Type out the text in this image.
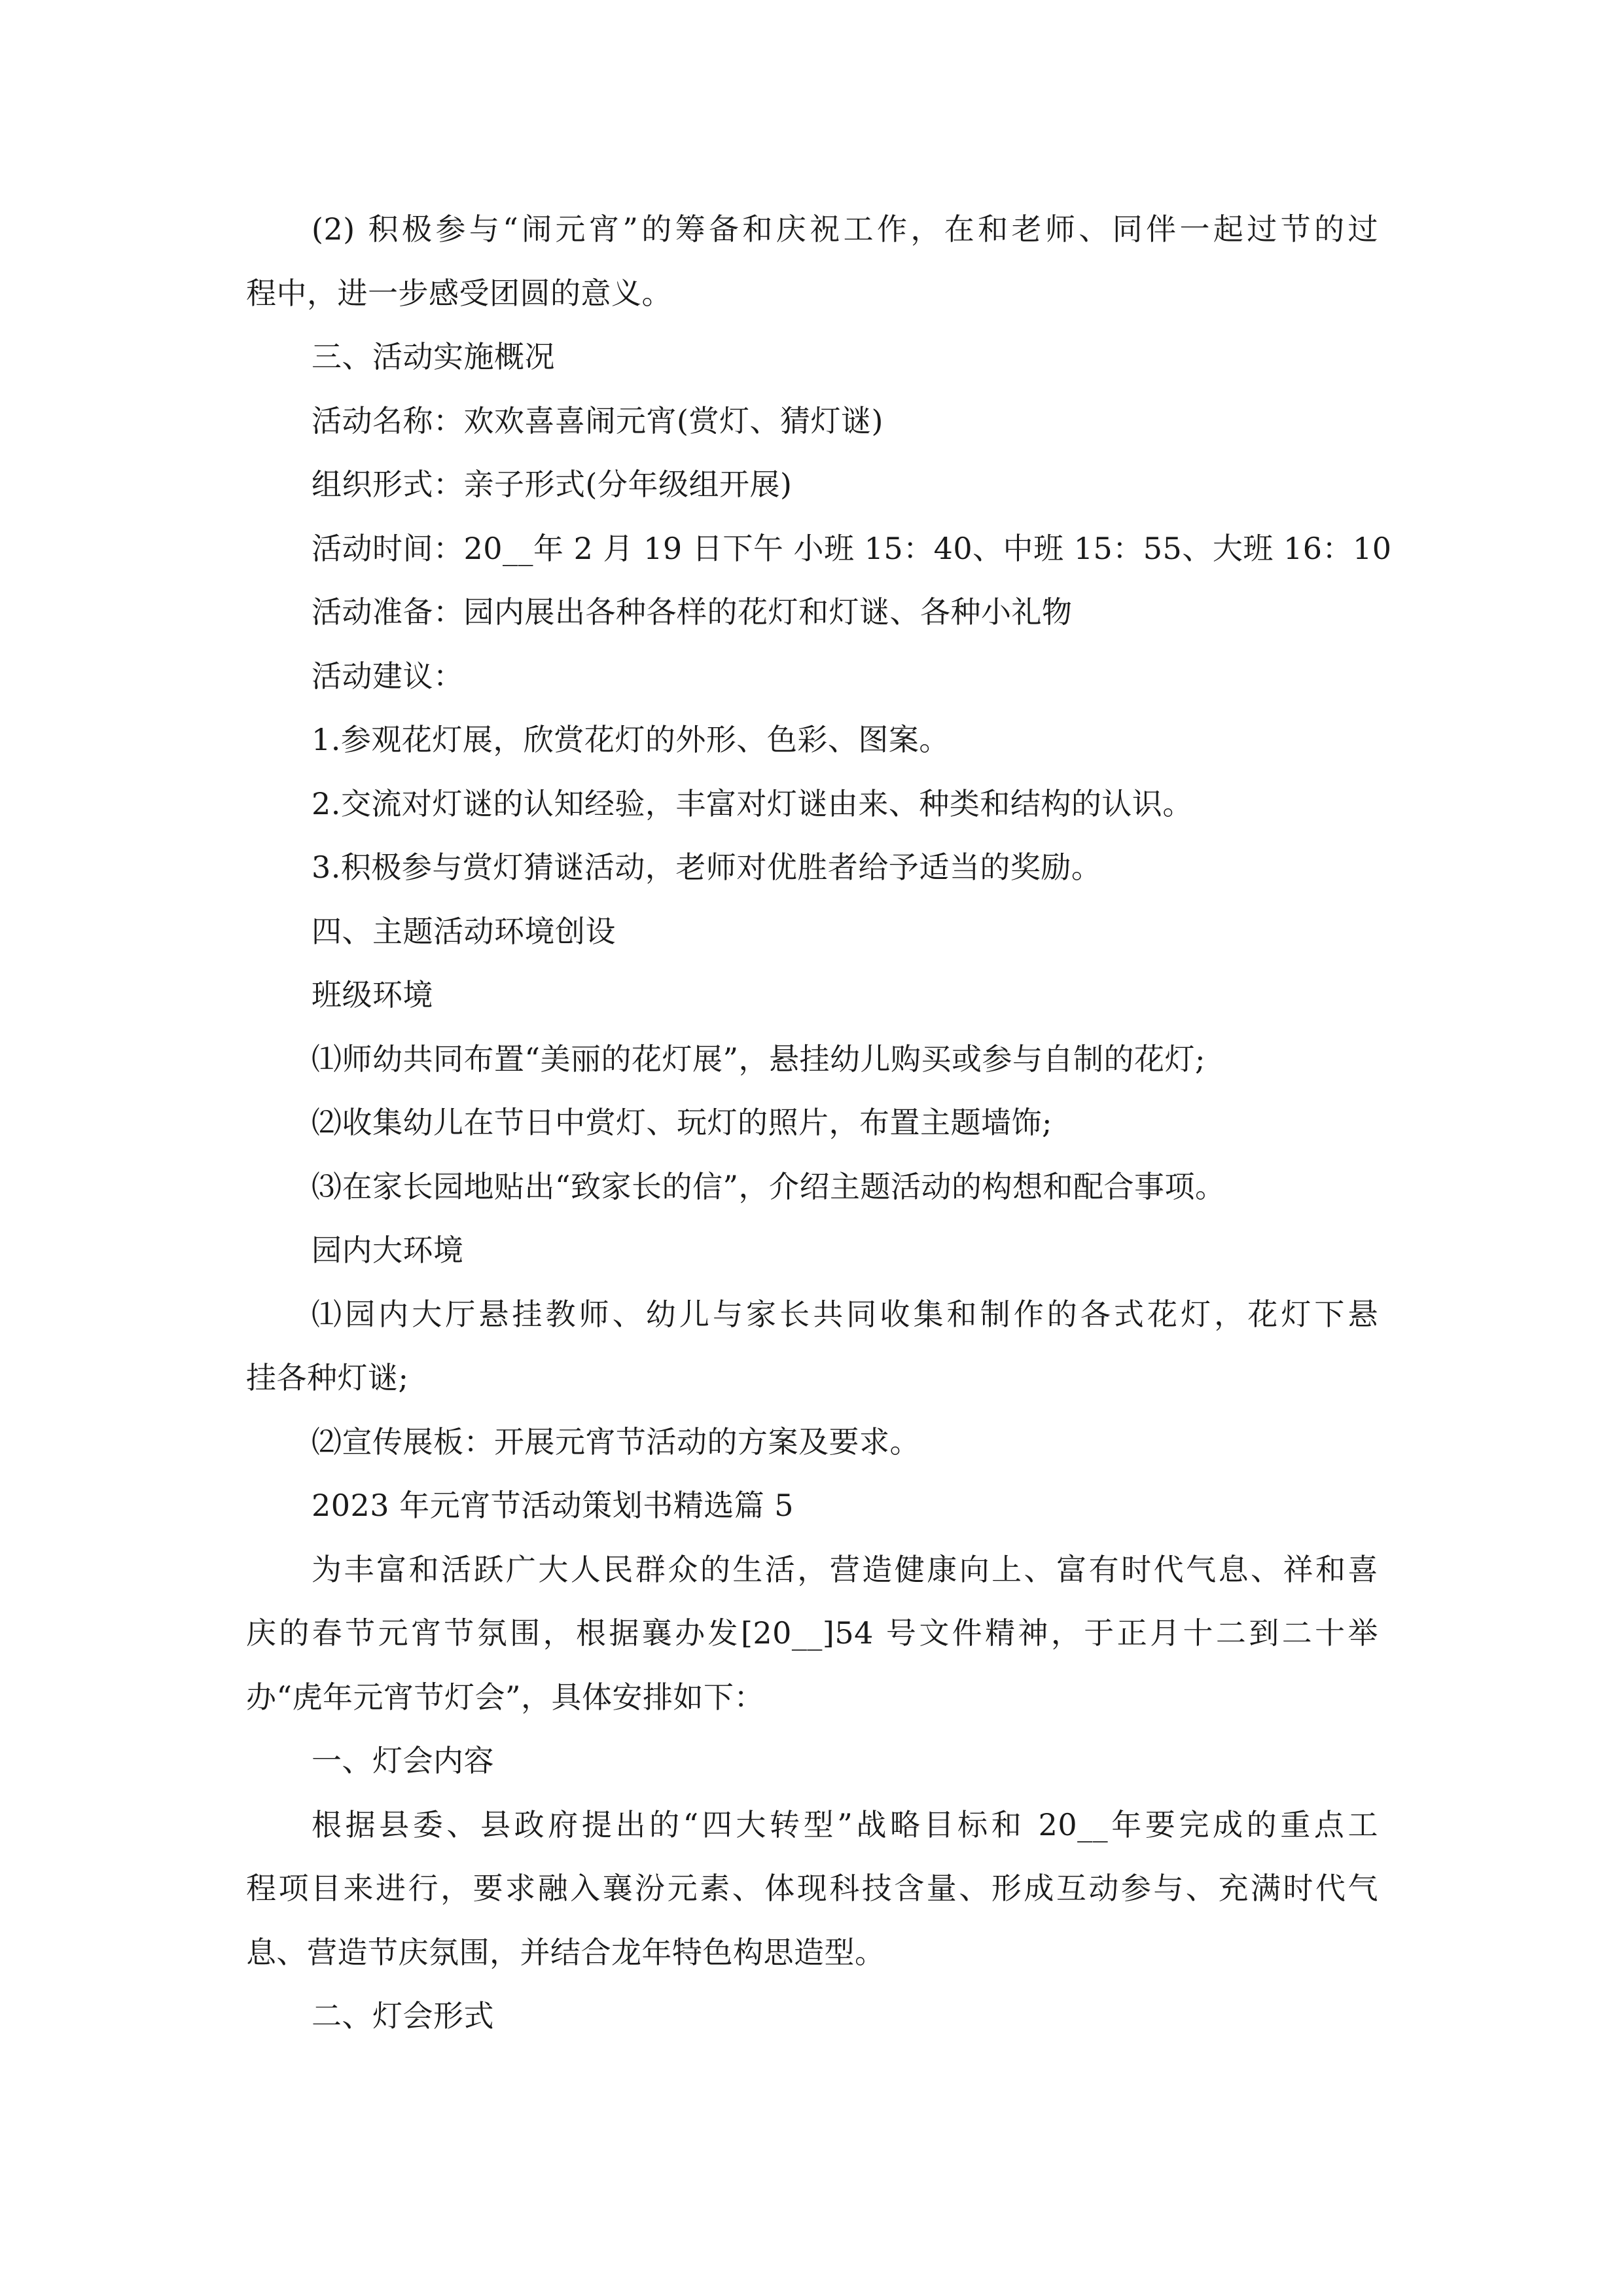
(2) 积极参与“闹元宵”的筹备和庆祝工作，在和老师、同伴一起过节的过
程中，进一步感受团圆的意义。
三、活动实施概况
活动名称：欢欢喜喜闹元宵(赏灯、猜灯谜)
组织形式：亲子形式(分年级组开展)
活动时间：20__年 2 月 19 日下午 小班 15：40、中班 15：55、大班 16：10
活动准备：园内展出各种各样的花灯和灯谜、各种小礼物
活动建议：
1.参观花灯展，欣赏花灯的外形、色彩、图案。
2.交流对灯谜的认知经验，丰富对灯谜由来、种类和结构的认识。
3.积极参与赏灯猜谜活动，老师对优胜者给予适当的奖励。
四、主题活动环境创设
班级环境
⑴师幼共同布置“美丽的花灯展”，悬挂幼儿购买或参与自制的花灯;
⑵收集幼儿在节日中赏灯、玩灯的照片，布置主题墙饰;
⑶在家长园地贴出“致家长的信”，介绍主题活动的构想和配合事项。
园内大环境
⑴园内大厅悬挂教师、幼儿与家长共同收集和制作的各式花灯，花灯下悬
挂各种灯谜;
⑵宣传展板：开展元宵节活动的方案及要求。
2023 年元宵节活动策划书精选篇 5
为丰富和活跃广大人民群众的生活，营造健康向上、富有时代气息、祥和喜
庆的春节元宵节氛围，根据襄办发[20__]54 号文件精神，于正月十二到二十举
办“虎年元宵节灯会”，具体安排如下：
一、灯会内容
根据县委、县政府提出的“四大转型”战略目标和 20__年要完成的重点工
程项目来进行，要求融入襄汾元素、体现科技含量、形成互动参与、充满时代气
息、营造节庆氛围，并结合龙年特色构思造型。
二、灯会形式
